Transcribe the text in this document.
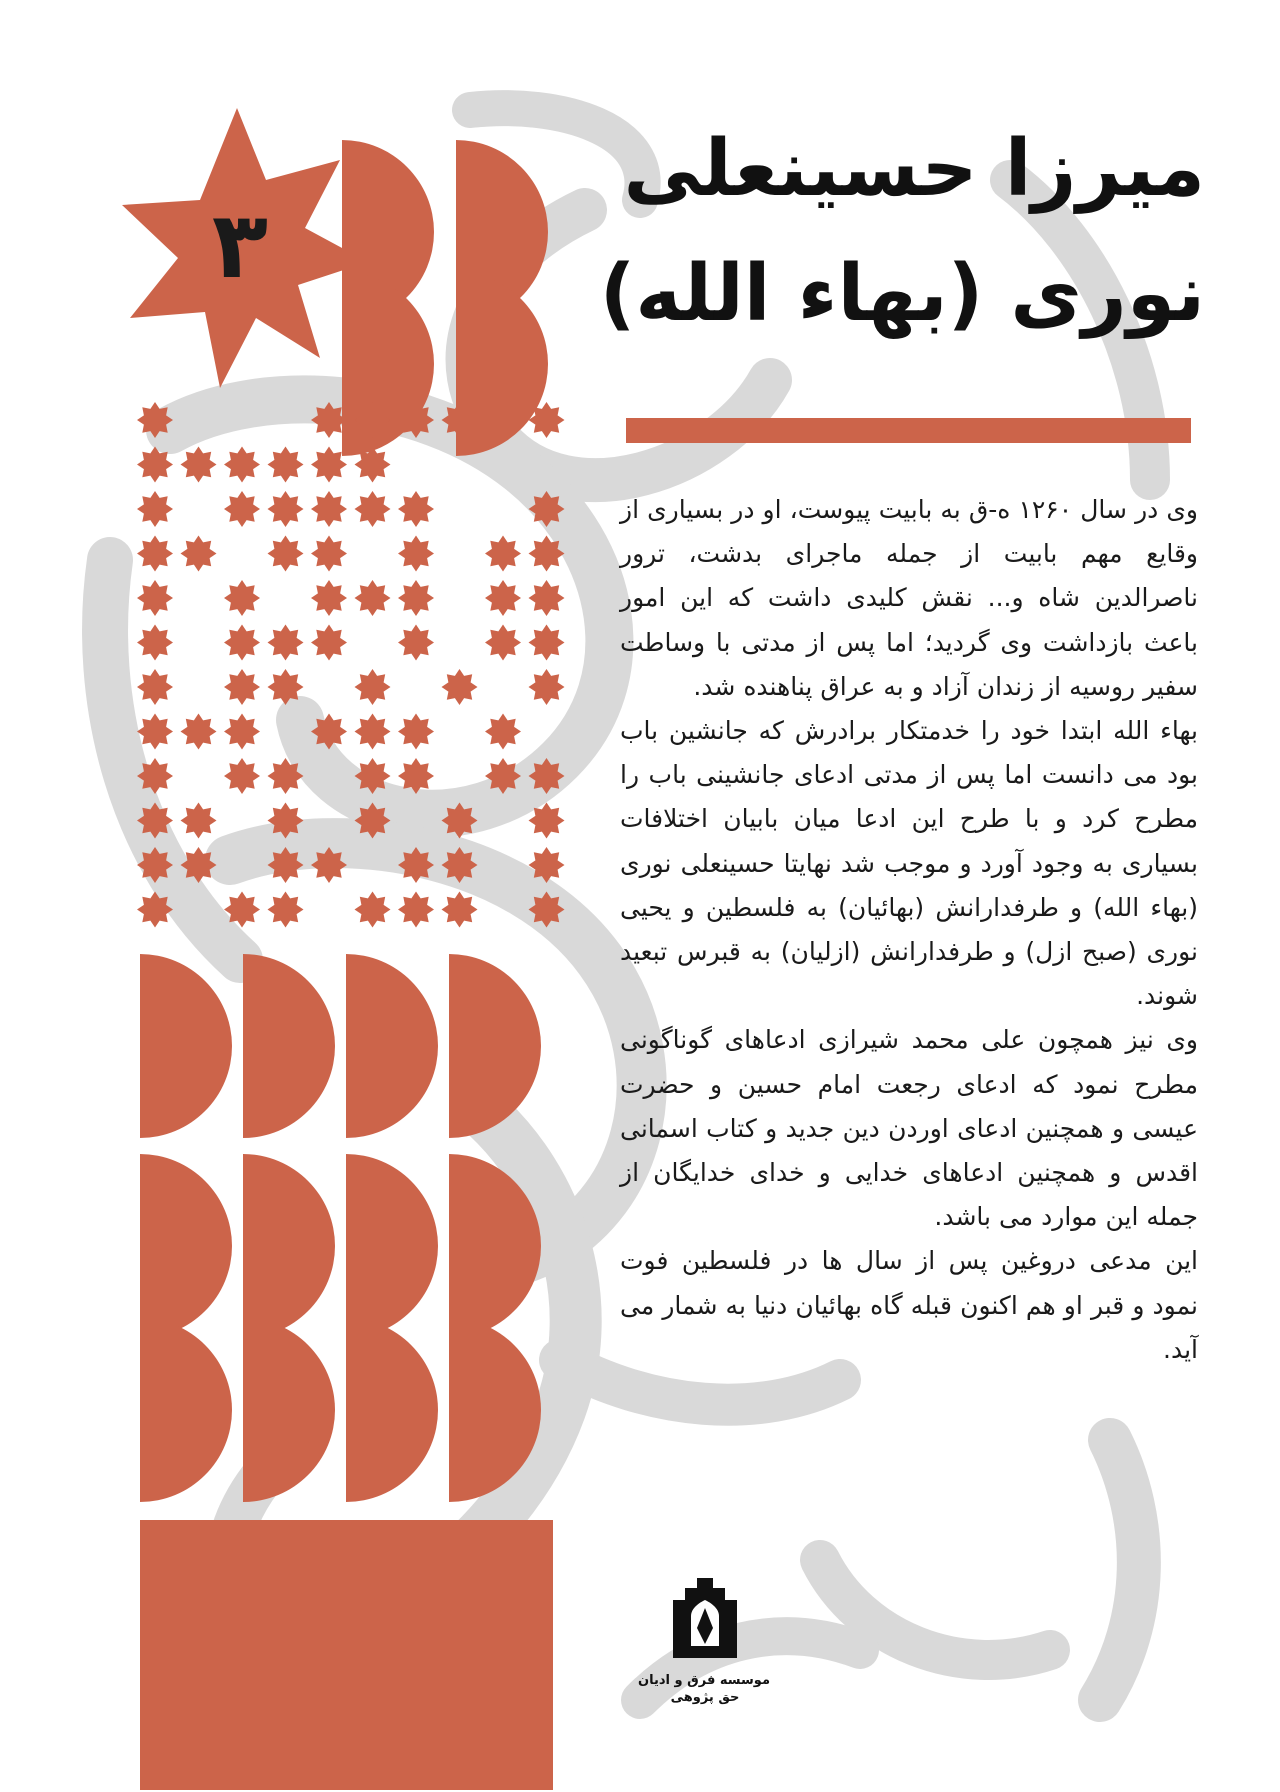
۳
میرزا حسینعلی
نوری (بهاء الله)

وی در سال ۱۲۶۰ ه-ق به بابیت پیوست، او در بسیاری از وقایع مهم بابیت از جمله ماجرای بدشت، ترور ناصرالدین شاه و... نقش کلیدی داشت که این امور باعث بازداشت وی گردید؛ اما پس از مدتی با وساطت سفیر روسیه از زندان آزاد و به عراق پناهنده شد.

بهاء الله ابتدا خود را خدمتکار برادرش که جانشین باب بود می دانست اما پس از مدتی ادعای جانشینی باب را مطرح کرد و با طرح این ادعا میان بابیان اختلافات بسیاری به وجود آورد و موجب شد نهایتا حسینعلی نوری (بهاء الله) و طرفدارانش (بهائیان) به فلسطین و یحیی نوری (صبح ازل) و طرفدارانش (ازلیان) به قبرس تبعید شوند.

وی نیز همچون علی محمد شیرازی ادعاهای گوناگونی مطرح نمود که ادعای رجعت امام حسین و حضرت عیسی و همچنین ادعای اوردن دین جدید و کتاب اسمانی اقدس و همچنین ادعاهای خدایی و خدای خدایگان از جمله این موارد می باشد.

این مدعی دروغین پس از سال ها در فلسطین فوت نمود و قبر او هم اکنون قبله گاه بهائیان دنیا به شمار می آید.

موسسه فرق و ادیان
حق پژوهی
